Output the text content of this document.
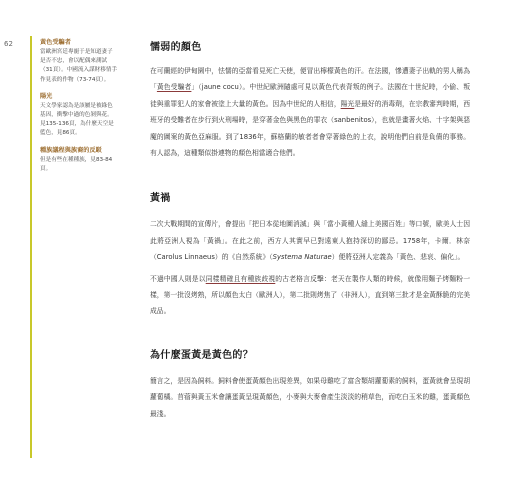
62	黃色受騙者
當歐洲宮廷專寵于是知道妻子是否不忠，會以配偶來測試（31頁）。中國流入謀財移情手作見表的作物（73-74頁）。
陽光
天文學家認為是該屬是被綠色基因，衝擊中過的色剝與花。見135-136頁，為什麼天空是藍色，見86頁。
種族議程與族裔的反駁
但是有些在種種族，見83-84頁。
懦弱的顏色

在可蘭經的伊甸園中，怯懦的亞當看見死亡天使，便冒出檸檬黃色的汗。在法國，慘遭妻子出軌的男人稱為「黃色受騙者」（jaune cocu）。中世紀歐洲隨處可見以黃色代表背叛的例子。法國在十世紀時，小偷、叛徒與重罪犯人的家會被塗上大量的黃色。因為中世紀的人相信，陽光是最好的消毒劑，在宗教審判時期，西班牙的受難者在步行到火刑場時，是穿著金色與黑色的罪衣（sanbenitos），也就是畫著火焰、十字架與惡魔的圖案的黃色亞麻服。到了1836年，蘇格蘭的敏者者會穿著綠色的上衣，說明他們自前是負債的事務。有人認為，這種類似掛連物的顏色相當適合他們。

黃禍

二次大戰期間的宣傳片，會提出「把日本從地圖消滅」與「當小黃種人縫上美國百姓」等口號，歐美人士因此將亞洲人視為「黃禍」。在此之前，西方人其實早已對遠東人抱持深切的鄙忌。1758年，卡爾．林奈（Carolus Linnaeus）的《自然系統》（Systema Naturae）便將亞洲人定義為「黃色、悲哀、偏化」。

不過中國人則是以同樣精確且有種族歧視的古老格言反擊：老天在製作人類的時候，就像用麵子烤麵粉一樣，第一批沒烤熟，所以顏色太白（歐洲人），第二批則烤焦了（非洲人），直到第三批才是金黃酥脆的完美成品。

為什麼蛋黃是黃色的？

簡言之，是因為飼料。飼料會使蛋黃顏色出現差異，如果母雞吃了富含類胡蘿蔔素的飼料，蛋黃就會呈現胡蘿蔔橘。苜蓿與黃玉米會讓蛋黃呈現黃顏色，小麥與大麥會產生淡淡的稍草色，而吃白玉米的雞，蛋黃顏色最淺。
